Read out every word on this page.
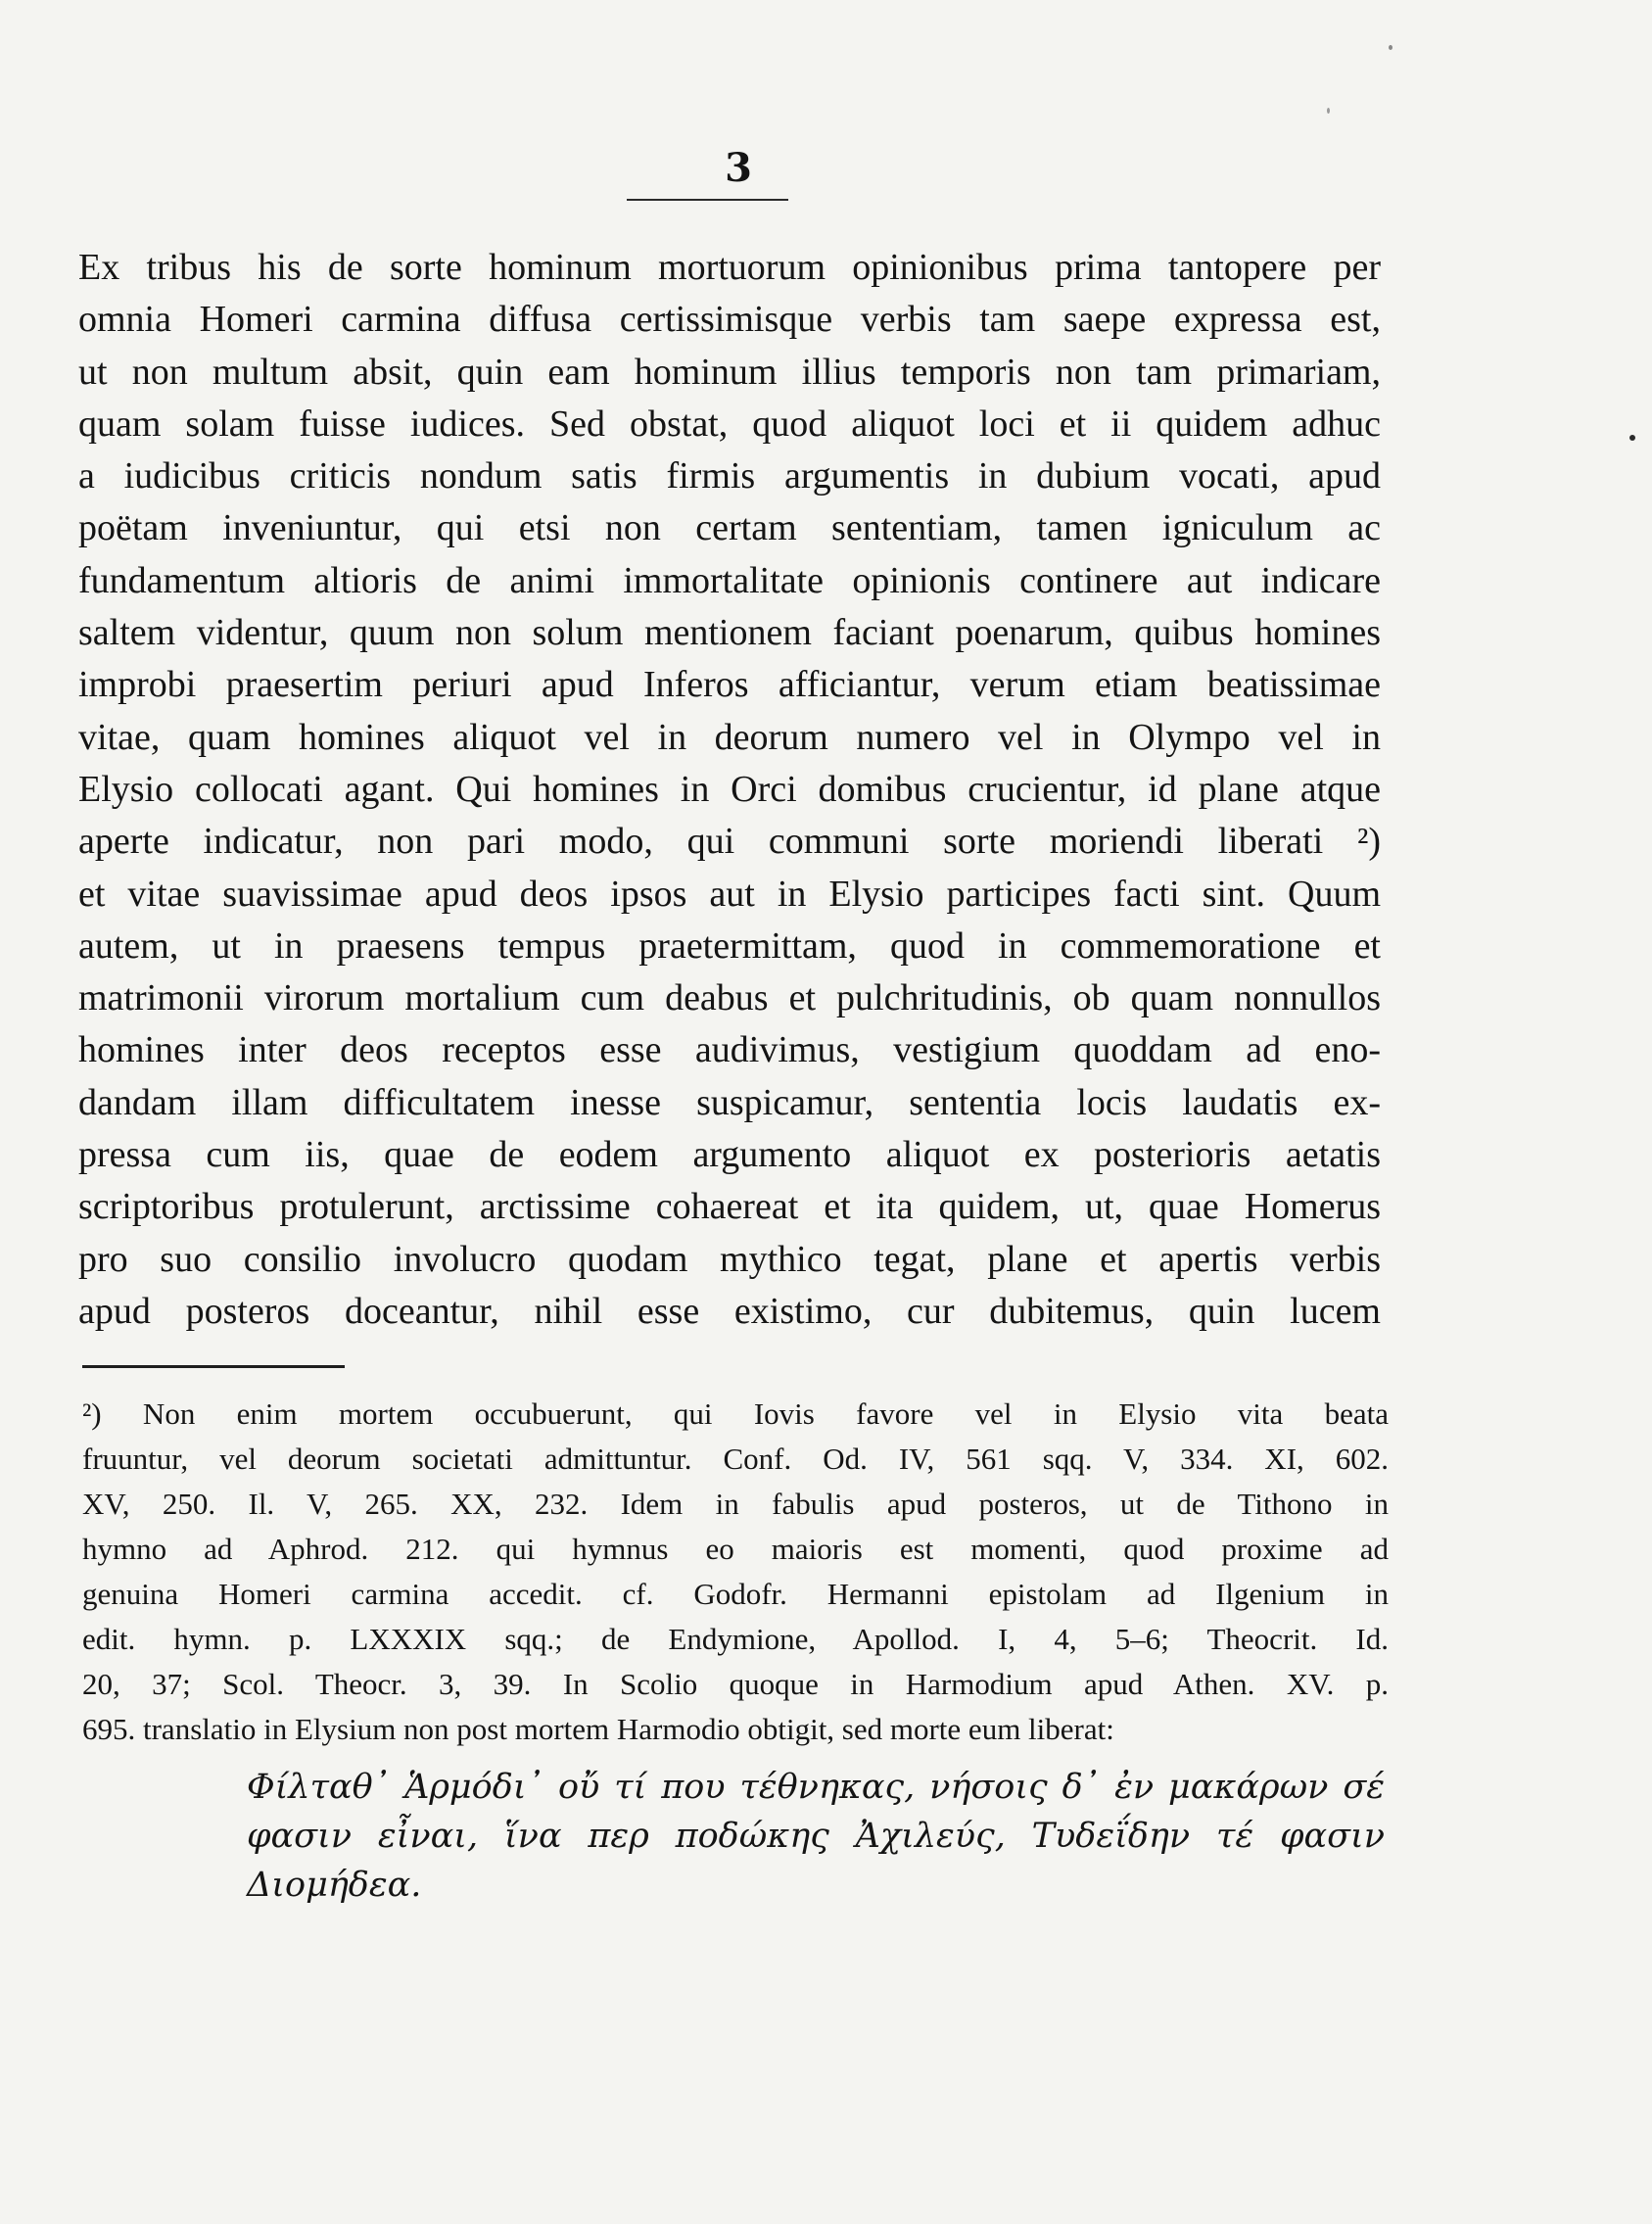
3
Ex tribus his de sorte hominum mortuorum opinionibus prima tantopere per
omnia Homeri carmina diffusa certissimisque verbis tam saepe expressa est,
ut non multum absit, quin eam hominum illius temporis non tam primariam,
quam solam fuisse iudices. Sed obstat, quod aliquot loci et ii quidem adhuc
a iudicibus criticis nondum satis firmis argumentis in dubium vocati, apud
poëtam inveniuntur, qui etsi non certam sententiam, tamen igniculum ac
fundamentum altioris de animi immortalitate opinionis continere aut indicare
saltem videntur, quum non solum mentionem faciant poenarum, quibus homines
improbi praesertim periuri apud Inferos afficiantur, verum etiam beatissimae
vitae, quam homines aliquot vel in deorum numero vel in Olympo vel in
Elysio collocati agant. Qui homines in Orci domibus crucientur, id plane atque
aperte indicatur, non pari modo, qui communi sorte moriendi liberati ²)
et vitae suavissimae apud deos ipsos aut in Elysio participes facti sint. Quum
autem, ut in praesens tempus praetermittam, quod in commemoratione et
matrimonii virorum mortalium cum deabus et pulchritudinis, ob quam nonnullos
homines inter deos receptos esse audivimus, vestigium quoddam ad eno-
dandam illam difficultatem inesse suspicamur, sententia locis laudatis ex-
pressa cum iis, quae de eodem argumento aliquot ex posterioris aetatis
scriptoribus protulerunt, arctissime cohaereat et ita quidem, ut, quae Homerus
pro suo consilio involucro quodam mythico tegat, plane et apertis verbis
apud posteros doceantur, nihil esse existimo, cur dubitemus, quin lucem
²) Non enim mortem occubuerunt, qui Iovis favore vel in Elysio vita beata
fruuntur, vel deorum societati admittuntur. Conf. Od. IV, 561 sqq. V, 334. XI, 602.
XV, 250. Il. V, 265. XX, 232. Idem in fabulis apud posteros, ut de Tithono in
hymno ad Aphrod. 212. qui hymnus eo maioris est momenti, quod proxime ad
genuina Homeri carmina accedit. cf. Godofr. Hermanni epistolam ad Ilgenium in
edit. hymn. p. LXXXIX sqq.; de Endymione, Apollod. I, 4, 5–6; Theocrit. Id.
20, 37; Scol. Theocr. 3, 39. In Scolio quoque in Harmodium apud Athen. XV. p.
695. translatio in Elysium non post mortem Harmodio obtigit, sed morte eum liberat:
Φίλταθ᾽ Ἁρμόδι᾽ οὔ τί που τέθνηκας, νήσοις δ᾽ ἐν μακάρων σέ
φασιν εἶναι, ἵνα περ ποδώκης Ἀχιλεύς, Τυδεΐδην τέ φασιν
Διομήδεα.
